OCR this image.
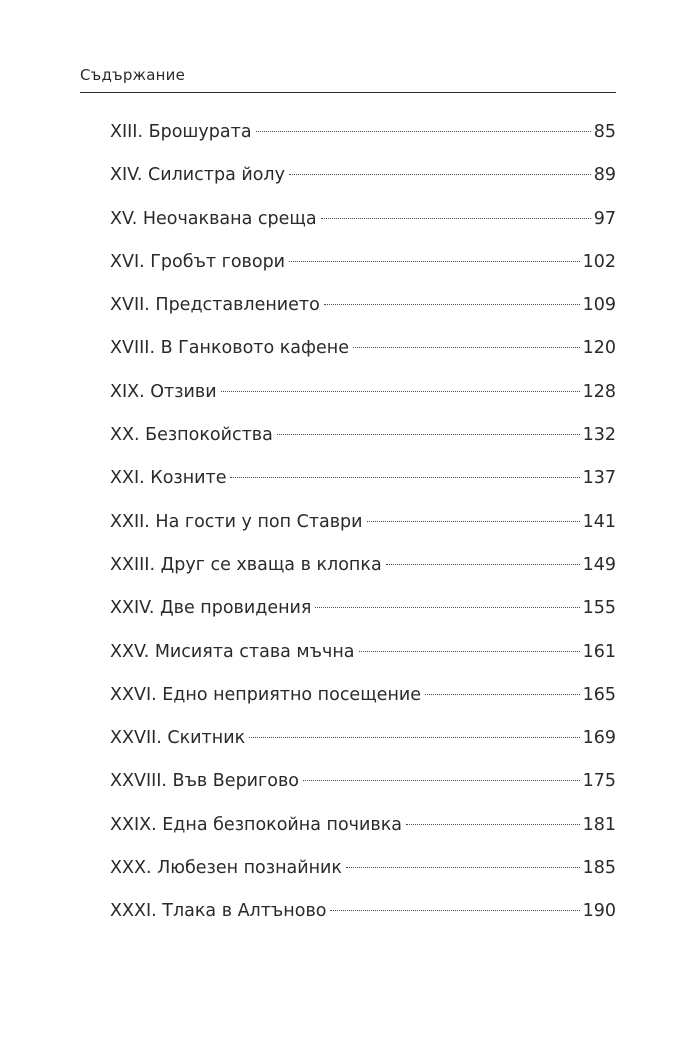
Съдържание
XIII. Брошурата	85
XIV. Силистра йолу	89
XV. Неочаквана среща	97
XVI. Гробът говори	102
XVII. Представлението	109
XVIII. В Ганковото кафене	120
XIX. Отзиви	128
XX. Безпокойства	132
XXI. Козните	137
XXII. На гости у поп Ставри	141
XXIII. Друг се хваща в клопка	149
XXIV. Две провидения	155
XXV. Мисията става мъчна	161
XXVI. Едно неприятно посещение	165
XXVII. Скитник	169
XXVIII. Във Веригово	175
XXIX. Една безпокойна почивка	181
XXX. Любезен познайник	185
XXXI. Тлака в Алтъново	190
